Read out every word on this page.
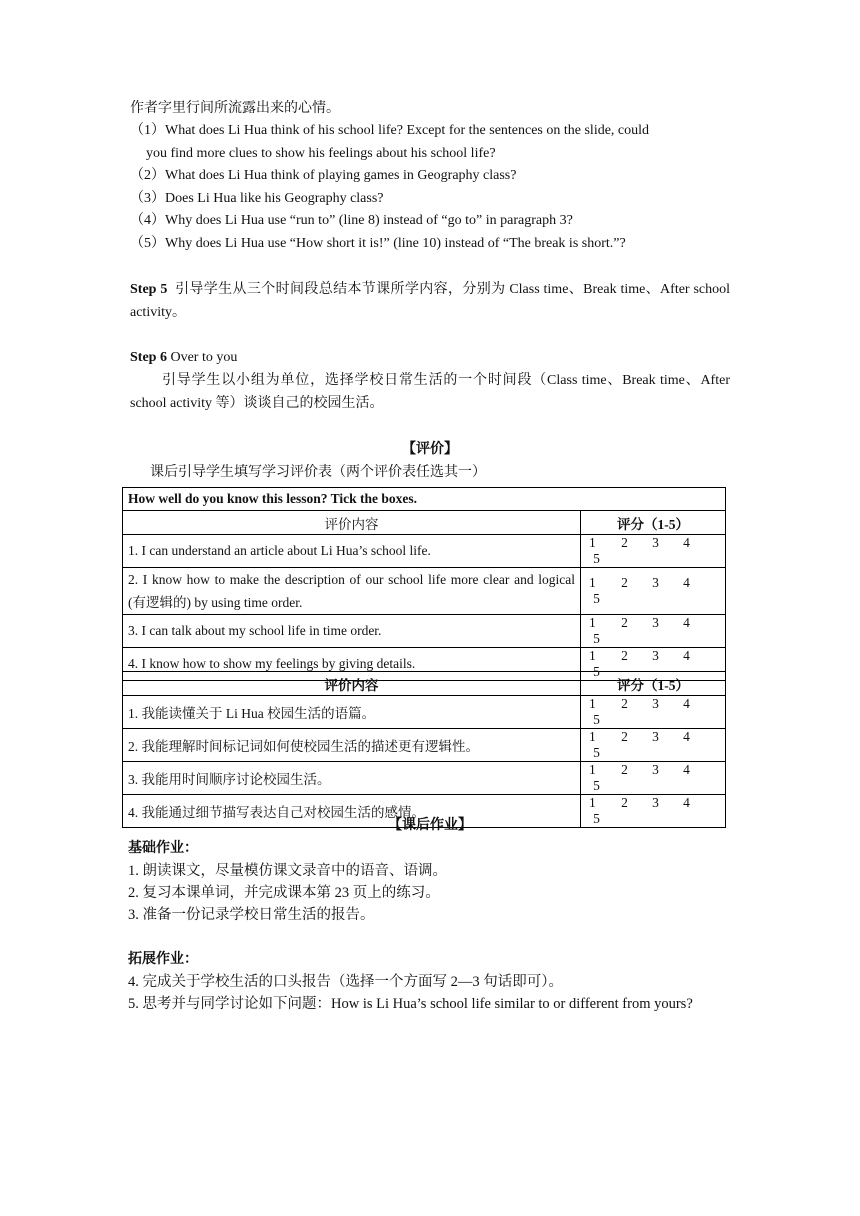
作者字里行间所流露出来的心情。

（1）What does Li Hua think of his school life? Except for the sentences on the slide, could

you find more clues to show his feelings about his school life?

（2）What does Li Hua think of playing games in Geography class?

（3）Does Li Hua like his Geography class?

（4）Why does Li Hua use “run to” (line 8) instead of “go to” in paragraph 3?

（5）Why does Li Hua use “How short it is!” (line 10) instead of “The break is short.”?

Step 5 引导学生从三个时间段总结本节课所学内容，分别为 Class time、Break time、After school activity。

Step 6 Over to you

引导学生以小组为单位，选择学校日常生活的一个时间段（Class time、Break time、After school activity 等）谈谈自己的校园生活。

【评价】

课后引导学生填写学习评价表（两个评价表任选其一）

How well do you know this lesson? Tick the boxes.	
评价内容	评分（1-5）
1. I can understand an article about Li Hua’s school life.	1 2 3 45
2. I know how to make the description of our school life more clear and logical (有逻辑的) by using time order.	1 2 3 45
3. I can talk about my school life in time order.	1 2 3 45
4. I know how to show my feelings by giving details.	1 2 3 45
评价内容	评分（1-5）
1. 我能读懂关于 Li Hua 校园生活的语篇。	1 2 3 45
2. 我能理解时间标记词如何使校园生活的描述更有逻辑性。	1 2 3 45
3. 我能用时间顺序讨论校园生活。	1 2 3 45
4. 我能通过细节描写表达自己对校园生活的感情。	1 2 3 45

【课后作业】

基础作业：

1. 朗读课文，尽量模仿课文录音中的语音、语调。

2. 复习本课单词，并完成课本第 23 页上的练习。

3. 准备一份记录学校日常生活的报告。

拓展作业：

4. 完成关于学校生活的口头报告（选择一个方面写 2—3 句话即可）。

5. 思考并与同学讨论如下问题：How is Li Hua’s school life similar to or different from yours?
